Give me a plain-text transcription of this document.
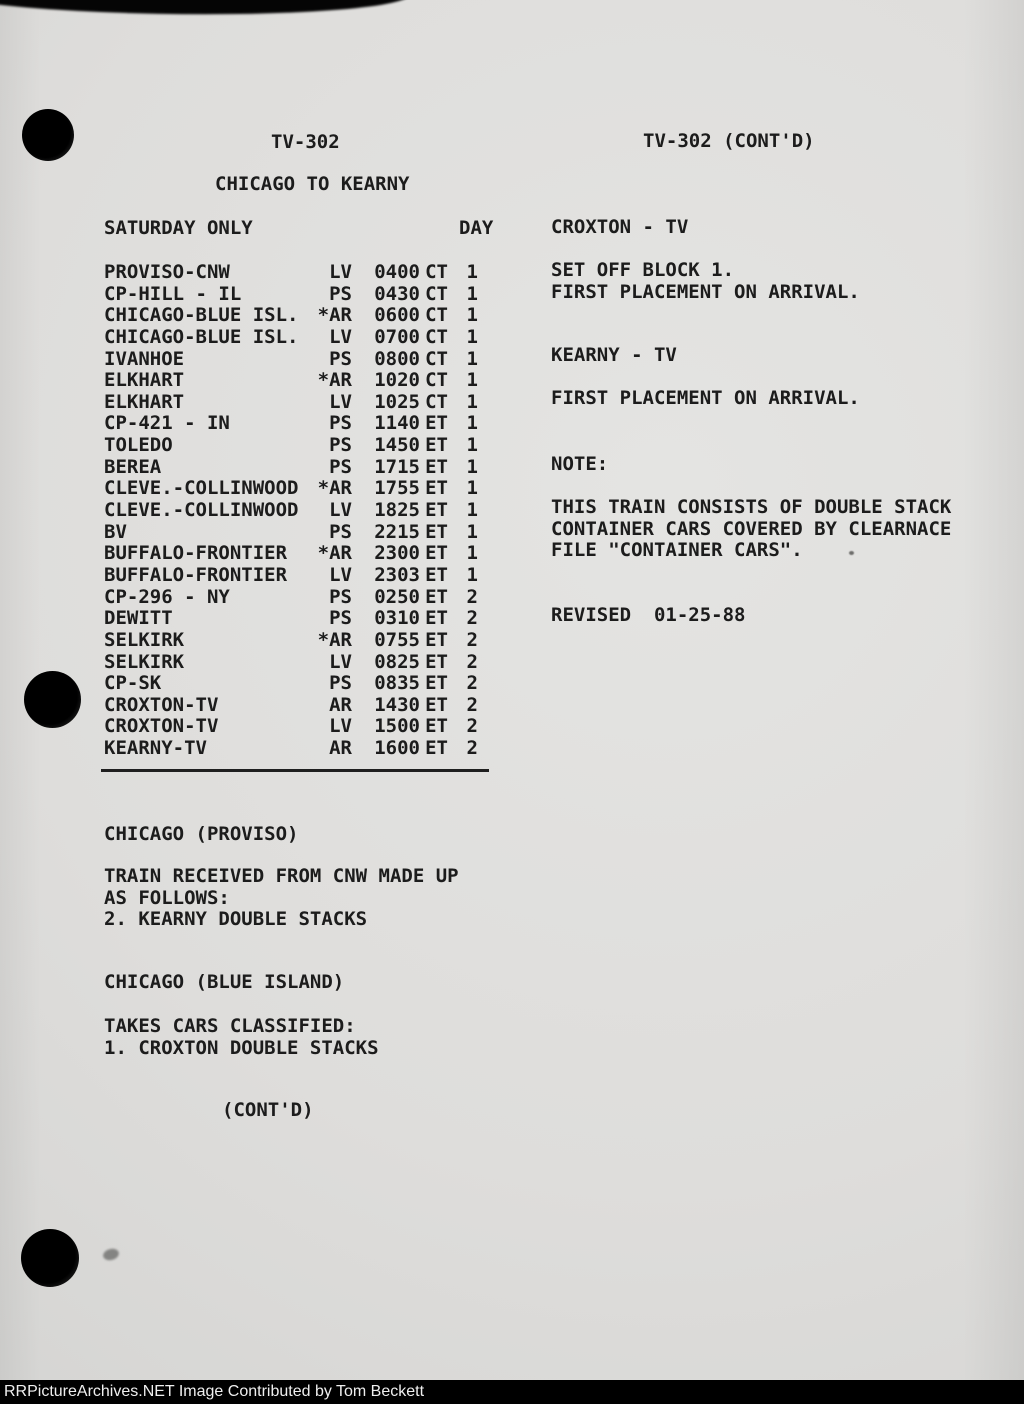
TV-302	TV-302 (CONT'D)
CHICAGO TO KEARNY
SATURDAY ONLY	DAY
PROVISO-CNW	LV	0400 CT 1
CP-HILL - IL	PS	0430 CT 1
CHICAGO-BLUE ISL.	*AR	0600 CT 1
CHICAGO-BLUE ISL.	LV	0700 CT 1
IVANHOE	PS	0800 CT 1
ELKHART	*AR	1020 CT 1
ELKHART	LV	1025 CT 1
CP-421 - IN	PS	1140 ET 1
TOLEDO	PS	1450 ET 1
BEREA	PS	1715 ET 1
CLEVE.-COLLINWOOD	*AR	1755 ET 1
CLEVE.-COLLINWOOD	LV	1825 ET 1
BV	PS	2215 ET 1
BUFFALO-FRONTIER	*AR	2300 ET 1
BUFFALO-FRONTIER	LV	2303 ET 1
CP-296 - NY	PS	0250 ET 2
DEWITT	PS	0310 ET 2
SELKIRK	*AR	0755 ET 2
SELKIRK	LV	0825 ET 2
CP-SK	PS	0835 ET 2
CROXTON-TV	AR	1430 ET 2
CROXTON-TV	LV	1500 ET 2
KEARNY-TV	AR	1600 ET 2
CROXTON - TV
SET OFF BLOCK 1.
FIRST PLACEMENT ON ARRIVAL.
KEARNY - TV
FIRST PLACEMENT ON ARRIVAL.
NOTE:
THIS TRAIN CONSISTS OF DOUBLE STACK
CONTAINER CARS COVERED BY CLEARNACE
FILE "CONTAINER CARS".
REVISED  01-25-88
CHICAGO (PROVISO)
TRAIN RECEIVED FROM CNW MADE UP
AS FOLLOWS:
2. KEARNY DOUBLE STACKS
CHICAGO (BLUE ISLAND)
TAKES CARS CLASSIFIED:
1. CROXTON DOUBLE STACKS
(CONT'D)
RRPictureArchives.NET Image Contributed by Tom Beckett
